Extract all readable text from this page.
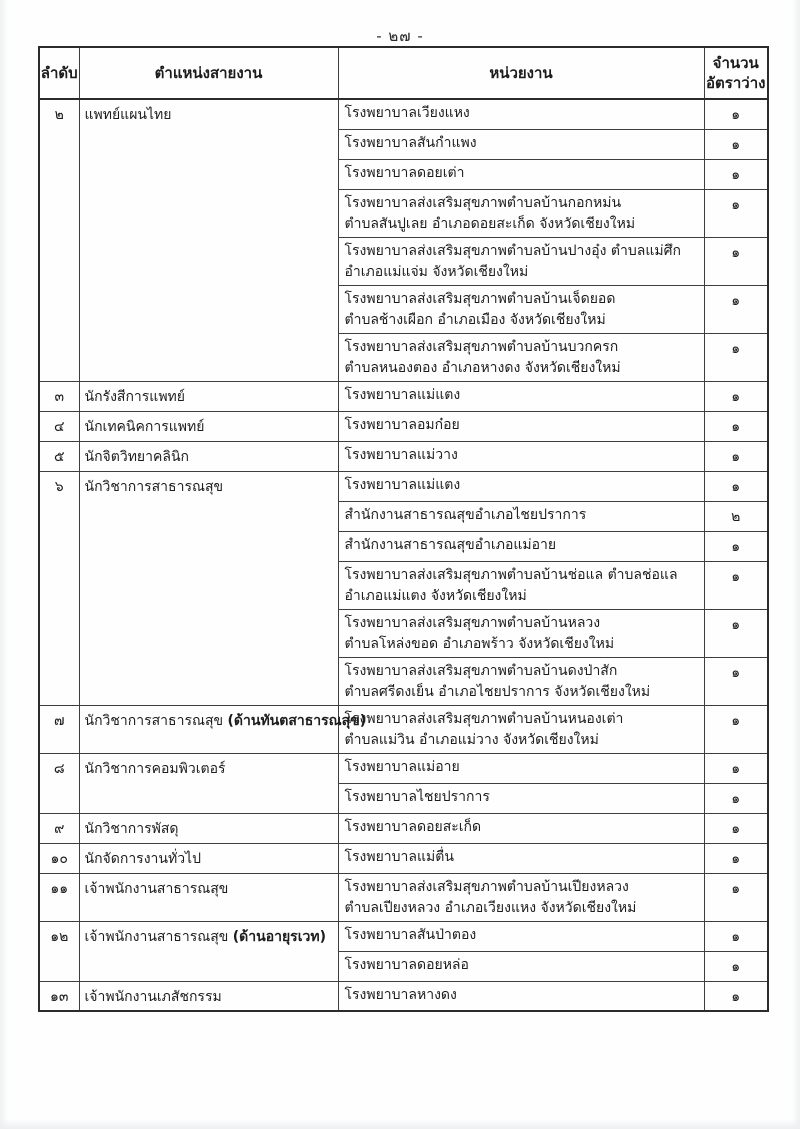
- ๒๗ -
ลำดับ	ตำแหน่งสายงาน	หน่วยงาน	จำนวน
อัตราว่าง

๒	แพทย์แผนไทย	โรงพยาบาลเวียงแหง	๑

		โรงพยาบาลสันกำแพง	๑

		โรงพยาบาลดอยเต่า	๑

		โรงพยาบาลส่งเสริมสุขภาพตำบลบ้านกอกหม่น
ตำบลสันปูเลย อำเภอดอยสะเก็ด จังหวัดเชียงใหม่	๑

		โรงพยาบาลส่งเสริมสุขภาพตำบลบ้านปางอุ๋ง ตำบลแม่ศึก
อำเภอแม่แจ่ม จังหวัดเชียงใหม่	๑

		โรงพยาบาลส่งเสริมสุขภาพตำบลบ้านเจ็ดยอด
ตำบลช้างเผือก อำเภอเมือง จังหวัดเชียงใหม่	๑

		โรงพยาบาลส่งเสริมสุขภาพตำบลบ้านบวกครก
ตำบลหนองตอง อำเภอหางดง จังหวัดเชียงใหม่	๑
๓	นักรังสีการแพทย์	โรงพยาบาลแม่แตง	๑
๔	นักเทคนิคการแพทย์	โรงพยาบาลอมก๋อย	๑
๕	นักจิตวิทยาคลินิก	โรงพยาบาลแม่วาง	๑
๖	นักวิชาการสาธารณสุข	โรงพยาบาลแม่แตง	๑

		สำนักงานสาธารณสุขอำเภอไชยปราการ	๒

		สำนักงานสาธารณสุขอำเภอแม่อาย	๑

		โรงพยาบาลส่งเสริมสุขภาพตำบลบ้านช่อแล ตำบลช่อแล
อำเภอแม่แตง จังหวัดเชียงใหม่	๑

		โรงพยาบาลส่งเสริมสุขภาพตำบลบ้านหลวง
ตำบลโหล่งขอด อำเภอพร้าว จังหวัดเชียงใหม่	๑

		โรงพยาบาลส่งเสริมสุขภาพตำบลบ้านดงป่าสัก
ตำบลศรีดงเย็น อำเภอไชยปราการ จังหวัดเชียงใหม่	๑
๗	นักวิชาการสาธารณสุข (ด้านทันตสาธารณสุข)	โรงพยาบาลส่งเสริมสุขภาพตำบลบ้านหนองเต่า
ตำบลแม่วิน อำเภอแม่วาง จังหวัดเชียงใหม่	๑
๘	นักวิชาการคอมพิวเตอร์	โรงพยาบาลแม่อาย	๑

		โรงพยาบาลไชยปราการ	๑
๙	นักวิชาการพัสดุ	โรงพยาบาลดอยสะเก็ด	๑
๑๐	นักจัดการงานทั่วไป	โรงพยาบาลแม่ตื่น	๑
๑๑	เจ้าพนักงานสาธารณสุข	โรงพยาบาลส่งเสริมสุขภาพตำบลบ้านเปียงหลวง
ตำบลเปียงหลวง อำเภอเวียงแหง จังหวัดเชียงใหม่	๑
๑๒	เจ้าพนักงานสาธารณสุข (ด้านอายุรเวท)	โรงพยาบาลสันป่าตอง	๑

		โรงพยาบาลดอยหล่อ	๑
๑๓	เจ้าพนักงานเภสัชกรรม	โรงพยาบาลหางดง	๑
